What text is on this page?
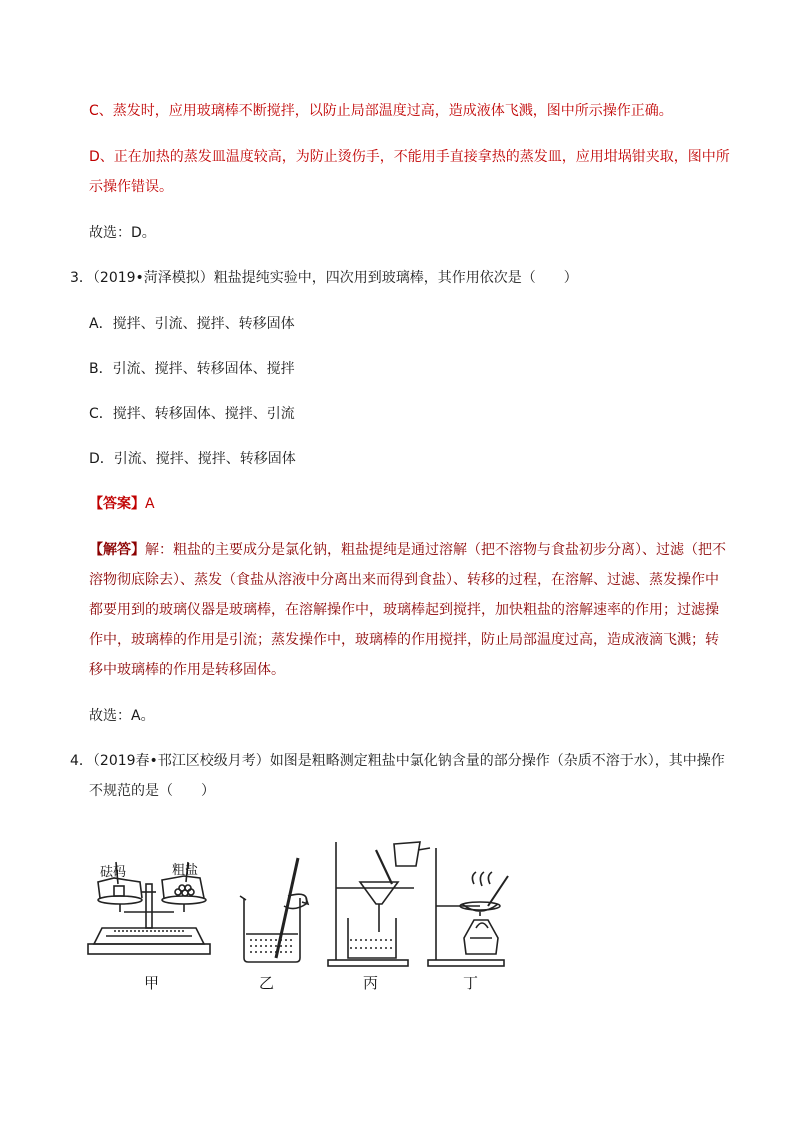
C、蒸发时，应用玻璃棒不断搅拌，以防止局部温度过高，造成液体飞溅，图中所示操作正确。
D、正在加热的蒸发皿温度较高，为防止烫伤手，不能用手直接拿热的蒸发皿，应用坩埚钳夹取，图中所
示操作错误。
故选：D。
3．（2019•菏泽模拟）粗盐提纯实验中，四次用到玻璃棒，其作用依次是（　　）
A．搅拌、引流、搅拌、转移固体
B．引流、搅拌、转移固体、搅拌
C．搅拌、转移固体、搅拌、引流
D．引流、搅拌、搅拌、转移固体
【答案】A
【解答】解：粗盐的主要成分是氯化钠，粗盐提纯是通过溶解（把不溶物与食盐初步分离）、过滤（把不
溶物彻底除去）、蒸发（食盐从溶液中分离出来而得到食盐）、转移的过程，在溶解、过滤、蒸发操作中
都要用到的玻璃仪器是玻璃棒，在溶解操作中，玻璃棒起到搅拌，加快粗盐的溶解速率的作用；过滤操
作中，玻璃棒的作用是引流；蒸发操作中，玻璃棒的作用搅拌，防止局部温度过高，造成液滴飞溅；转
移中玻璃棒的作用是转移固体。
故选：A。
4．（2019春•邗江区校级月考）如图是粗略测定粗盐中氯化钠含量的部分操作（杂质不溶于水），其中操作
不规范的是（　　）
砝码	粗盐
甲	乙	丙	丁
